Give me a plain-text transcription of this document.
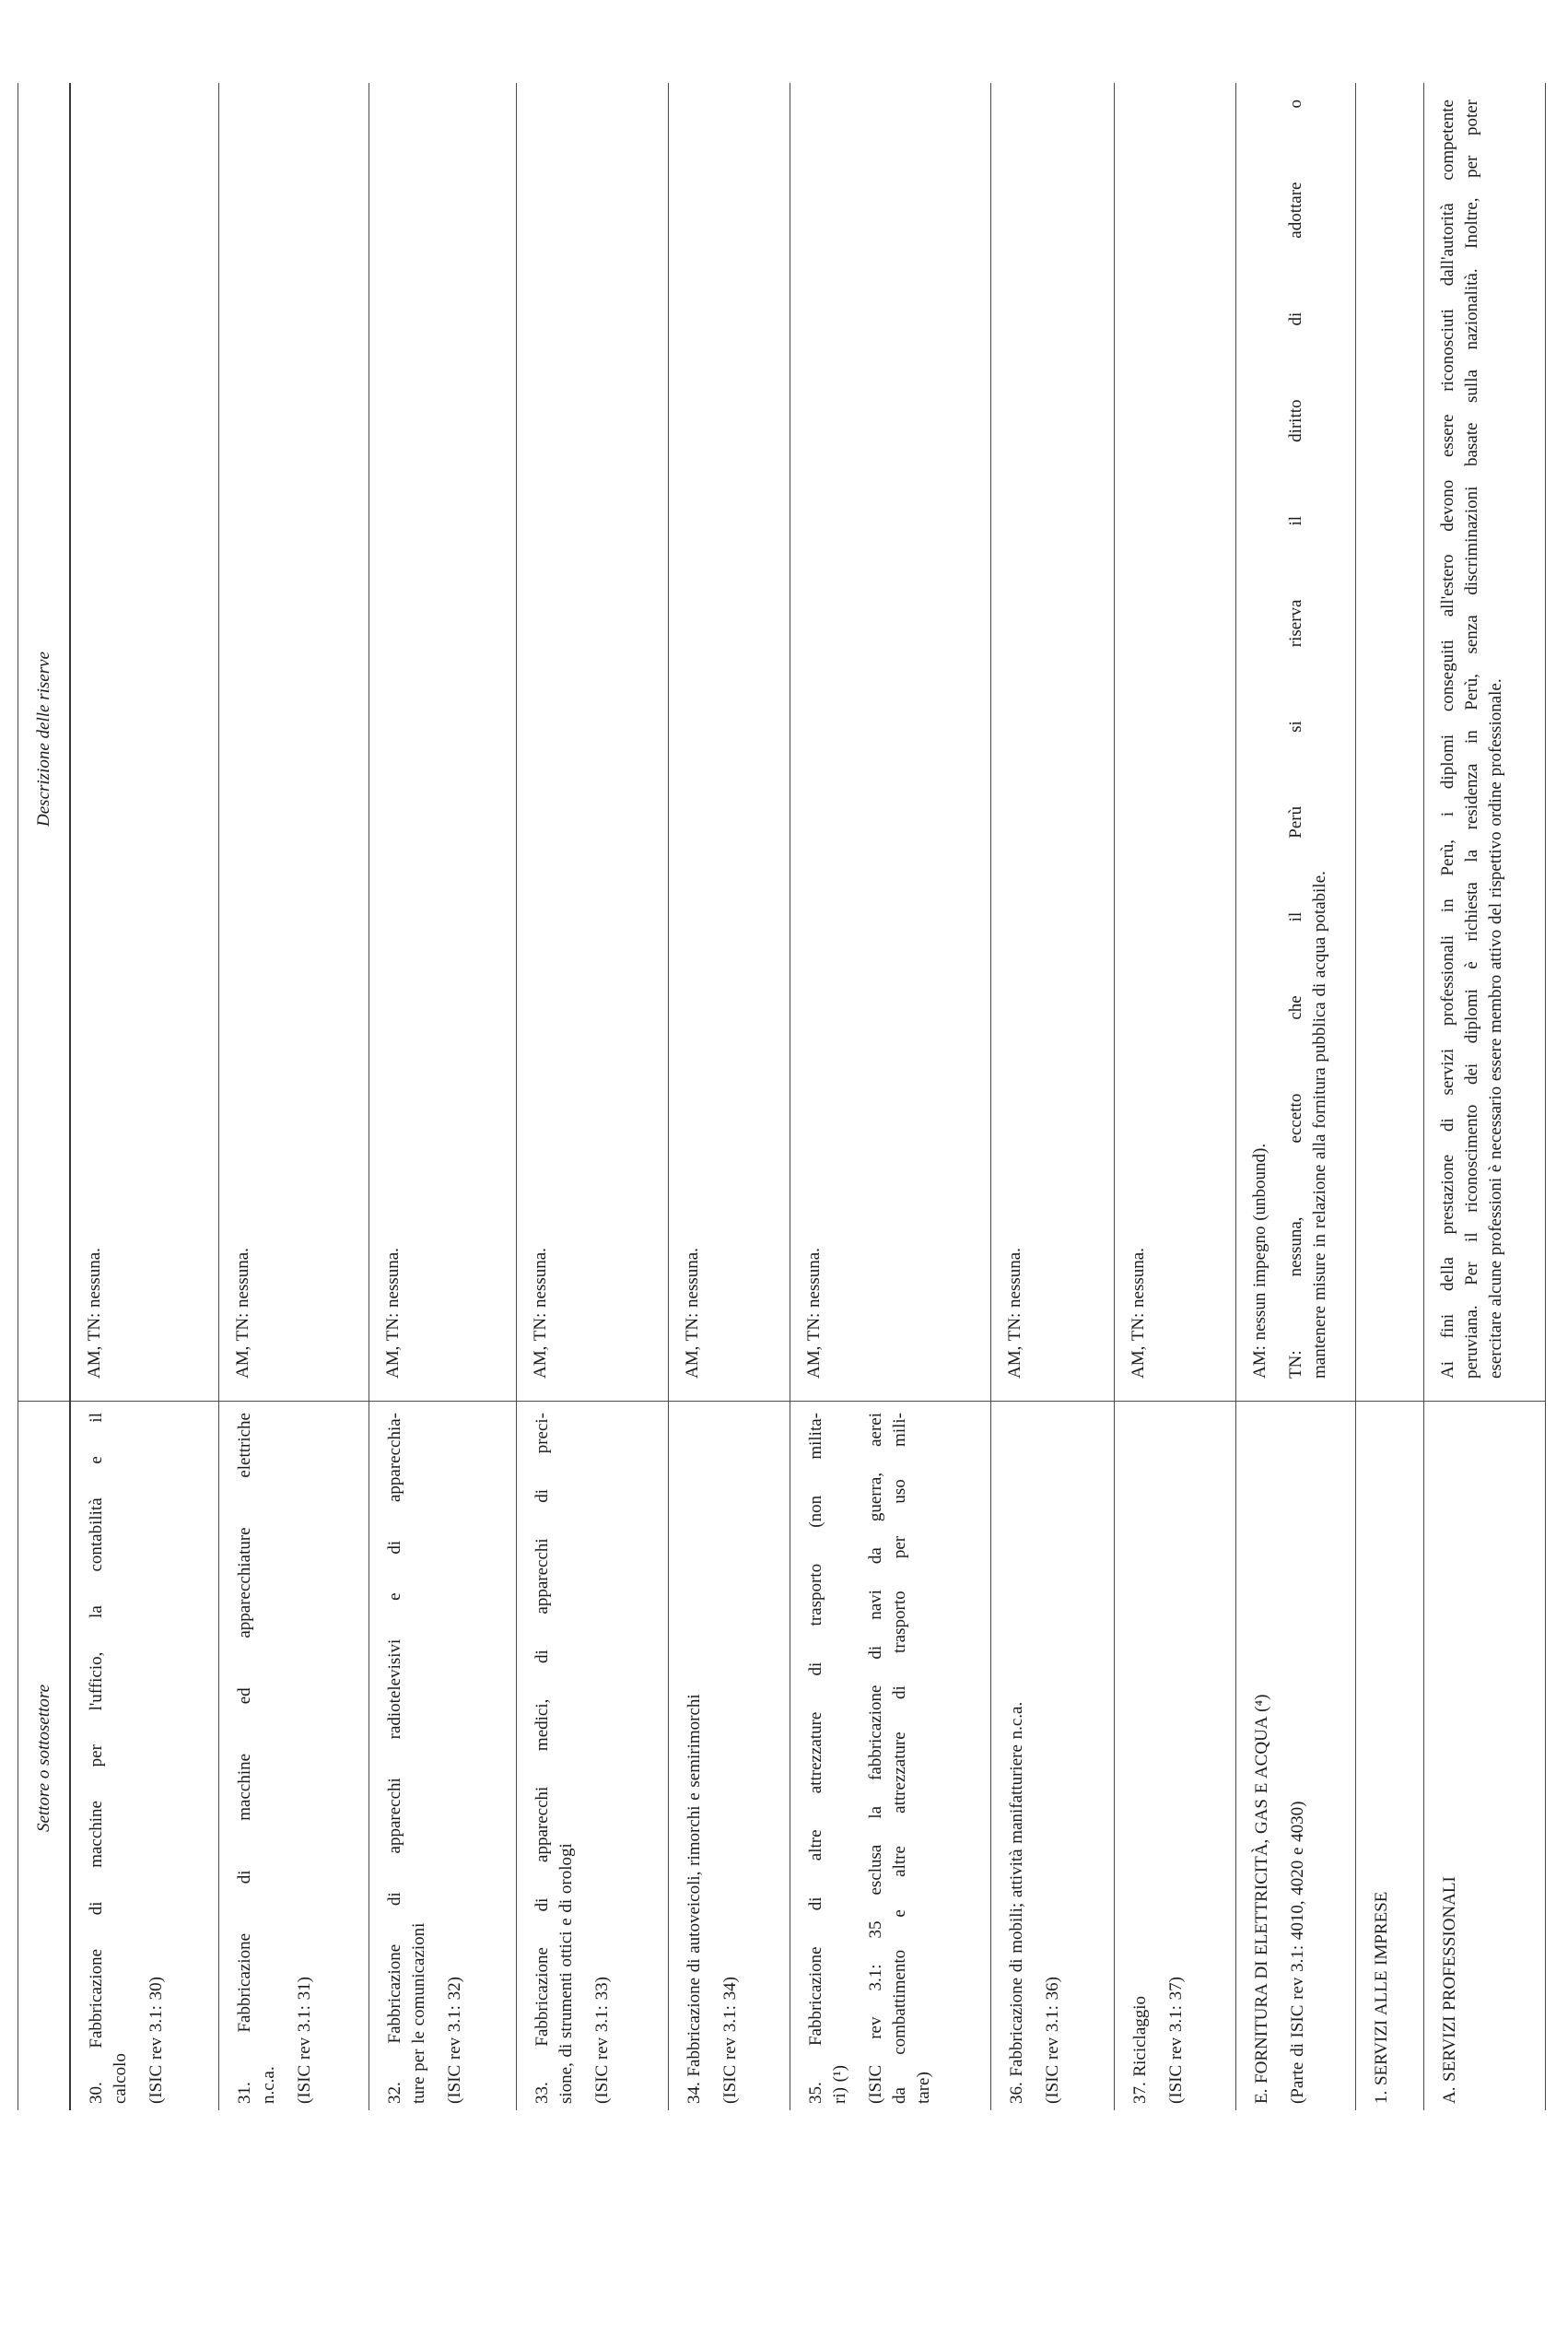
Settore o sottosettore
Descrizione delle riserve
30. Fabbricazione di macchine per l'ufficio, la contabilità e il calcolo (ISIC rev 3.1: 30)
AM, TN: nessuna.
31. Fabbricazione di macchine ed apparecchiature elettriche n.c.a. (ISIC rev 3.1: 31)
AM, TN: nessuna.
32. Fabbricazione di apparecchi radiotelevisivi e di apparecchia- ture per le comunicazioni (ISIC rev 3.1: 32)
AM, TN: nessuna.
33. Fabbricazione di apparecchi medici, di apparecchi di preci- sione, di strumenti ottici e di orologi (ISIC rev 3.1: 33)
AM, TN: nessuna.
34. Fabbricazione di autoveicoli, rimorchi e semirimorchi (ISIC rev 3.1: 34)
AM, TN: nessuna.
35. Fabbricazione di altre attrezzature di trasporto (non milita- ri) (¹) (ISIC rev 3.1: 35 esclusa la fabbricazione di navi da guerra, aerei da combattimento e altre attrezzature di trasporto per uso mili- tare)
AM, TN: nessuna.
36. Fabbricazione di mobili; attività manifatturiere n.c.a. (ISIC rev 3.1: 36)
AM, TN: nessuna.
37. Riciclaggio (ISIC rev 3.1: 37)
AM, TN: nessuna.
E. FORNITURA DI ELETTRICITÀ, GAS E ACQUA (⁴) (Parte di ISIC rev 3.1: 4010, 4020 e 4030)
AM: nessun impegno (unbound). TN: nessuna, eccetto che il Perù si riserva il diritto di adottare o mantenere misure in relazione alla fornitura pubblica di acqua potabile.
1. SERVIZI ALLE IMPRESE	A. SERVIZI PROFESSIONALI
Ai fini della prestazione di servizi professionali in Perù, i diplomi conseguiti all'estero devono essere riconosciuti dall'autorità competente peruviana. Per il riconoscimento dei diplomi è richiesta la residenza in Perù, senza discriminazioni basate sulla nazionalità. Inoltre, per poter esercitare alcune professioni è necessario essere membro attivo del rispettivo ordine professionale.
